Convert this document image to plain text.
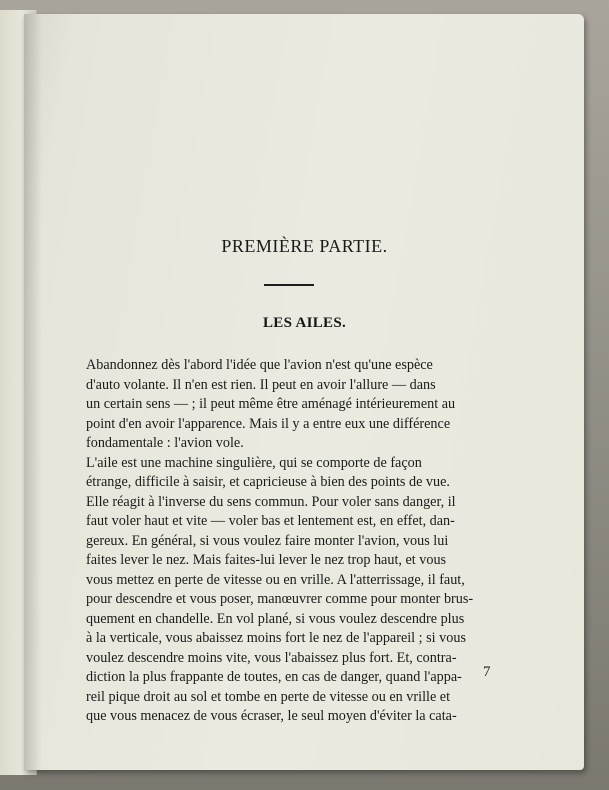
PREMIÈRE PARTIE.
LES AILES.
Abandonnez dès l'abord l'idée que l'avion n'est qu'une espèce
d'auto volante. Il n'en est rien. Il peut en avoir l'allure — dans
un certain sens — ; il peut même être aménagé intérieurement au
point d'en avoir l'apparence. Mais il y a entre eux une différence
fondamentale : l'avion vole.
L'aile est une machine singulière, qui se comporte de façon
étrange, difficile à saisir, et capricieuse à bien des points de vue.
Elle réagit à l'inverse du sens commun. Pour voler sans danger, il
faut voler haut et vite — voler bas et lentement est, en effet, dan-
gereux. En général, si vous voulez faire monter l'avion, vous lui
faites lever le nez. Mais faites-lui lever le nez trop haut, et vous
vous mettez en perte de vitesse ou en vrille. A l'atterrissage, il faut,
pour descendre et vous poser, manœuvrer comme pour monter brus-
quement en chandelle. En vol plané, si vous voulez descendre plus
à la verticale, vous abaissez moins fort le nez de l'appareil ; si vous
voulez descendre moins vite, vous l'abaissez plus fort. Et, contra-
diction la plus frappante de toutes, en cas de danger, quand l'appa-
reil pique droit au sol et tombe en perte de vitesse ou en vrille et
que vous menacez de vous écraser, le seul moyen d'éviter la cata-
7
